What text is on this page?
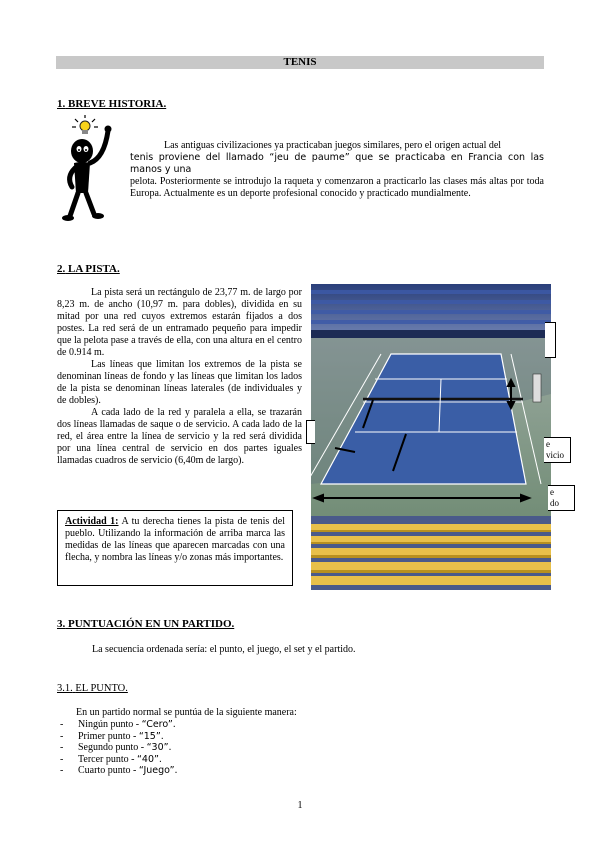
TENIS
1. BREVE HISTORIA.
Las antiguas civilizaciones ya practicaban juegos similares, pero el origen actual del
tenis proviene del llamado “jeu de paume” que se practicaba en Francia con las manos y una
pelota. Posteriormente se introdujo la raqueta y comenzaron a practicarlo las clases más altas por toda Europa. Actualmente es un deporte profesional conocido y practicado mundialmente.
2. LA PISTA.
La pista será un rectángulo de 23,77 m. de largo por 8,23 m. de ancho (10,97 m. para dobles), dividida en su mitad por una red cuyos extremos estarán fijados a dos postes. La red será de un entramado pequeño para impedir que la pelota pase a través de ella, con una altura en el centro de 0.914 m.
Las líneas que limitan los extremos de la pista se denominan líneas de fondo y las líneas que limitan los lados de la pista se denominan líneas laterales (de individuales y de dobles).
A cada lado de la red y paralela a ella, se trazarán dos líneas llamadas de saque o de servicio. A cada lado de la red, el área entre la línea de servicio y la red será dividida por una línea central de servicio en dos partes iguales llamadas cuadros de servicio (6,40m de largo).
e
vicio
e
do
Actividad 1: A tu derecha tienes la pista de tenis del pueblo. Utilizando la información de arriba marca las medidas de las líneas que aparecen marcadas con una flecha, y nombra las líneas y/o zonas más importantes.
3. PUNTUACIÓN EN UN PARTIDO.
La secuencia ordenada sería: el punto, el juego, el set y el partido.
3.1. EL PUNTO.
En un partido normal se puntúa de la siguiente manera:
- Ningún punto - “Cero”.
- Primer punto - “15”.
- Segundo punto - “30”.
- Tercer punto - “40”.
- Cuarto punto - “Juego”.
1
